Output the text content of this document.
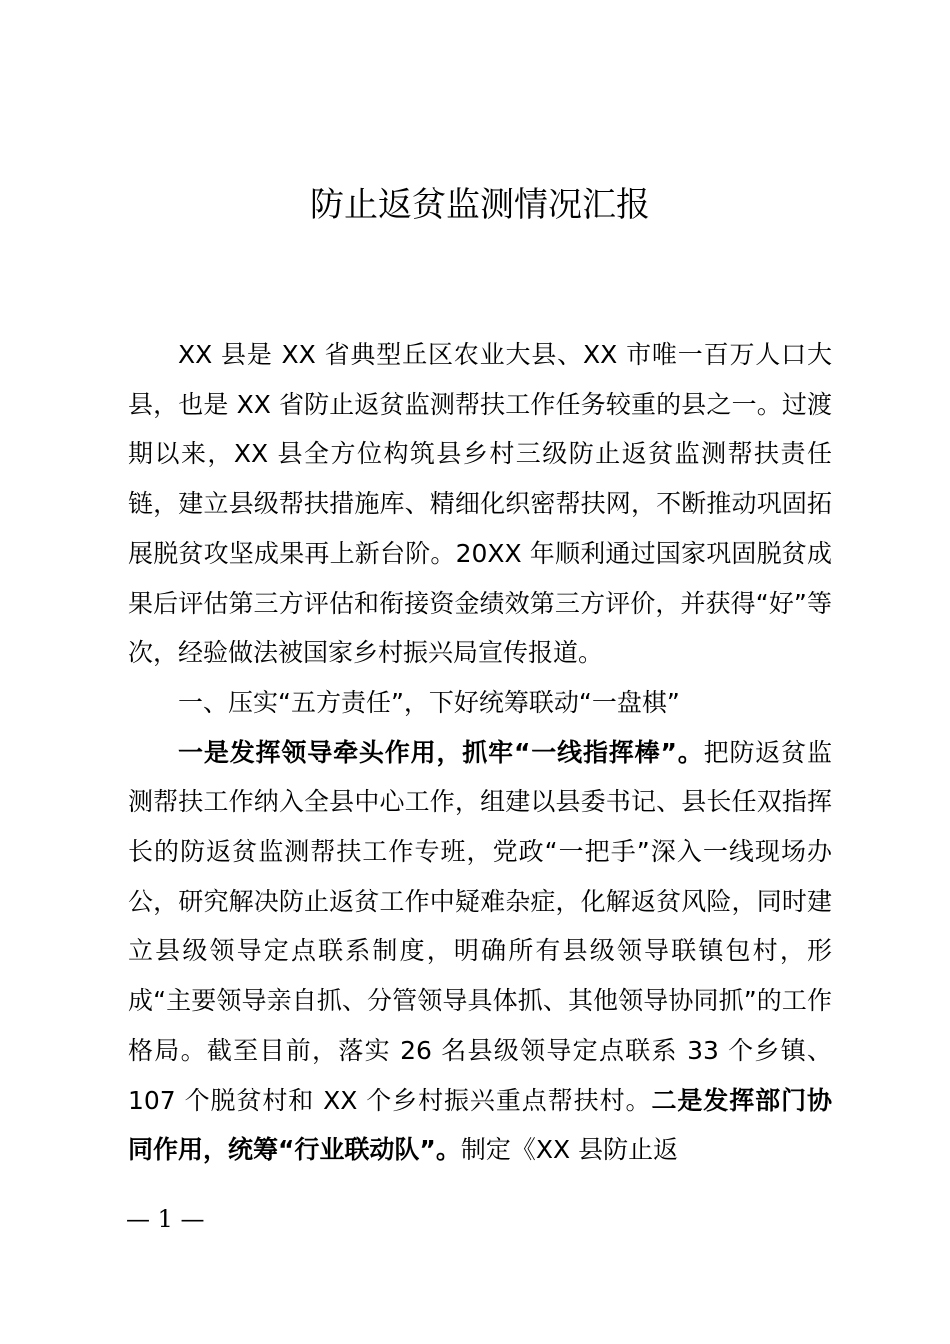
防止返贫监测情况汇报

XX 县是 XX 省典型丘区农业大县、XX 市唯一百万人口大县，也是 XX 省防止返贫监测帮扶工作任务较重的县之一。过渡期以来，XX 县全方位构筑县乡村三级防止返贫监测帮扶责任链，建立县级帮扶措施库、精细化织密帮扶网，不断推动巩固拓展脱贫攻坚成果再上新台阶。20XX 年顺利通过国家巩固脱贫成果后评估第三方评估和衔接资金绩效第三方评价，并获得“好”等次，经验做法被国家乡村振兴局宣传报道。

一、压实“五方责任”，下好统筹联动“一盘棋”

一是发挥领导牵头作用，抓牢“一线指挥棒”。把防返贫监测帮扶工作纳入全县中心工作，组建以县委书记、县长任双指挥长的防返贫监测帮扶工作专班，党政“一把手”深入一线现场办公，研究解决防止返贫工作中疑难杂症，化解返贫风险，同时建立县级领导定点联系制度，明确所有县级领导联镇包村，形成“主要领导亲自抓、分管领导具体抓、其他领导协同抓”的工作格局。截至目前，落实 26 名县级领导定点联系 33 个乡镇、107 个脱贫村和 XX 个乡村振兴重点帮扶村。二是发挥部门协同作用，统筹“行业联动队”。制定《XX 县防止返

— 1 —
